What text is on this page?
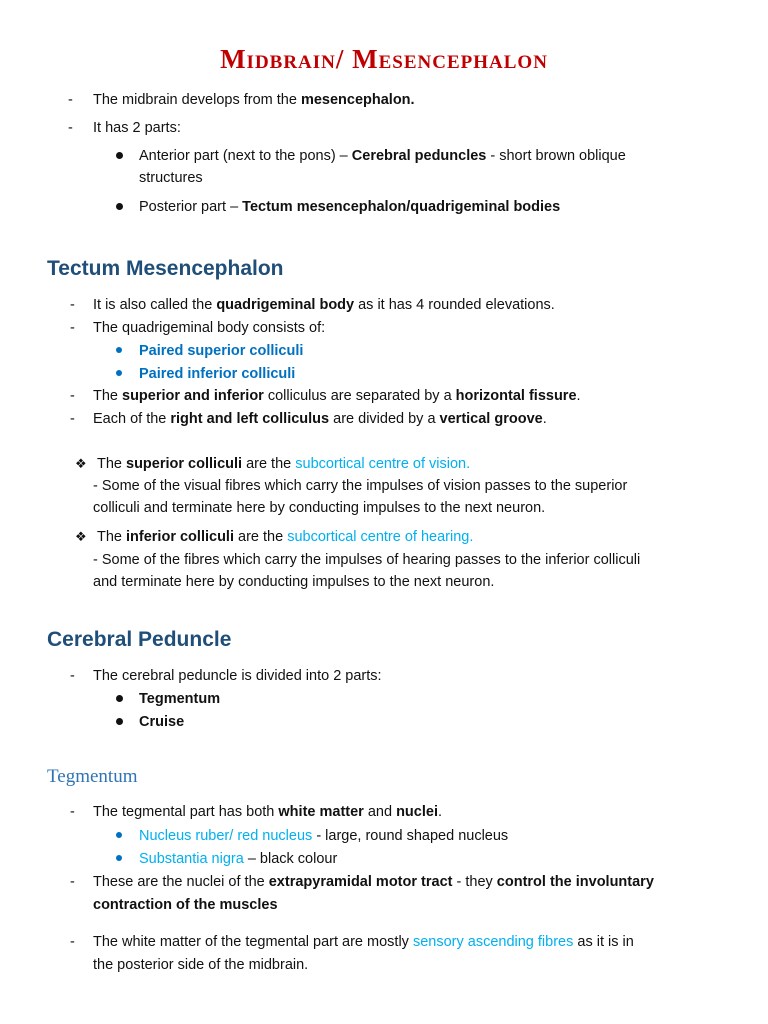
Midbrain/ Mesencephalon
- The midbrain develops from the mesencephalon.
- It has 2 parts:
Anterior part (next to the pons) – Cerebral peduncles - short brown oblique
structures
Posterior part – Tectum mesencephalon/quadrigeminal bodies
Tectum Mesencephalon
- It is also called the quadrigeminal body as it has 4 rounded elevations.
- The quadrigeminal body consists of:
Paired superior colliculi
Paired inferior colliculi
- The superior and inferior colliculus are separated by a horizontal fissure.
- Each of the right and left colliculus are divided by a vertical groove.
❖ The superior colliculi are the subcortical centre of vision.
- Some of the visual fibres which carry the impulses of vision passes to the superior
colliculi and terminate here by conducting impulses to the next neuron.
❖ The inferior colliculi are the subcortical centre of hearing.
- Some of the fibres which carry the impulses of hearing passes to the inferior colliculi
and terminate here by conducting impulses to the next neuron.
Cerebral Peduncle
- The cerebral peduncle is divided into 2 parts:
Tegmentum
Cruise
Tegmentum
- The tegmental part has both white matter and nuclei.
Nucleus ruber/ red nucleus - large, round shaped nucleus
Substantia nigra – black colour
- These are the nuclei of the extrapyramidal motor tract - they control the involuntary
contraction of the muscles
- The white matter of the tegmental part are mostly sensory ascending fibres as it is in
the posterior side of the midbrain.
